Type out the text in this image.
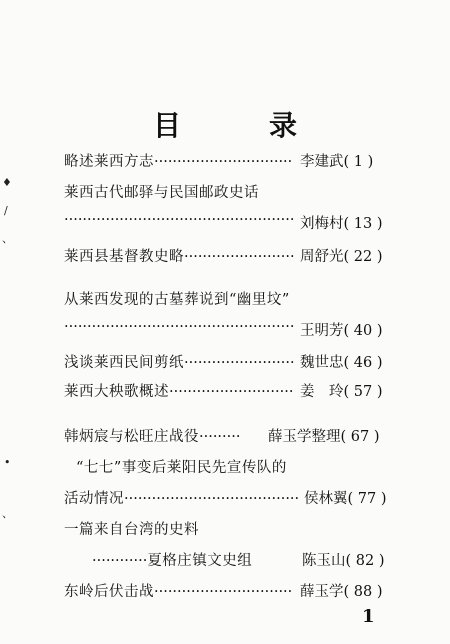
♦
/
、
•
、
目　录
略述莱西方志······························ 李建武( 1 )
莱西古代邮驿与民国邮政史话
·················································· 刘梅村( 13 )
莱西县基督教史略························ 周舒光( 22 )
从莱西发现的古墓葬说到“幽里坟”
·················································· 王明芳( 40 )
浅谈莱西民间剪纸························ 魏世忠( 46 )
莱西大秧歌概述··························· 姜　玲( 57 )
韩炳宸与松旺庄战役········· 薛玉学整理( 67 )
“七七”事变后莱阳民先宣传队的
活动情况······································ 侯林翼( 77 )
一篇来自台湾的史料
············夏格庄镇文史组	陈玉山( 82 )
东岭后伏击战······························ 薛玉学( 88 )
1
